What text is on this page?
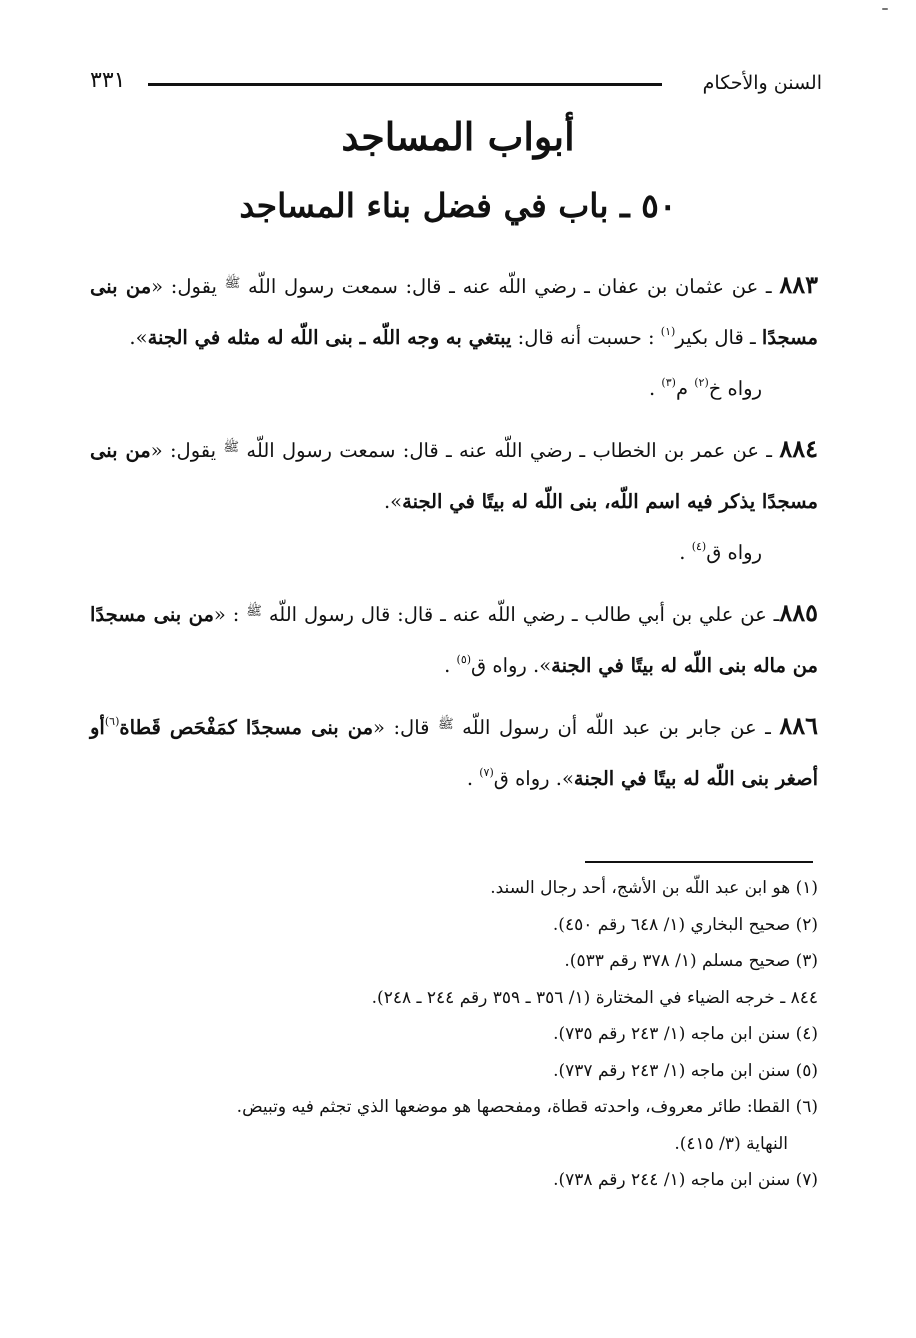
السنن والأحكام
٣٣١
أبواب المساجد
٥٠ ـ باب في فضل بناء المساجد

٨٨٣ ـ عن عثمان بن عفان ـ رضي اللّه عنه ـ قال: سمعت رسول اللّه $^ﷺ$ يقول: «من بنى مسجدًا ـ قال بكير$^{(١)}$ : حسبت أنه قال: يبتغي به وجه اللّه ـ بنى اللّه له مثله في الجنة».
رواه خ$^{(٢)}$ م$^{(٣)}$ .

٨٨٤ ـ عن عمر بن الخطاب ـ رضي اللّه عنه ـ قال: سمعت رسول اللّه $^ﷺ$ يقول: «من بنى مسجدًا يذكر فيه اسم اللّه، بنى اللّه له بيتًا في الجنة».
رواه ق$^{(٤)}$ .

٨٨٥ـ عن علي بن أبي طالب ـ رضي اللّه عنه ـ قال: قال رسول اللّه $^ﷺ$ : «من بنى مسجدًا من ماله بنى اللّه له بيتًا في الجنة». رواه ق$^{(٥)}$ .

٨٨٦ ـ عن جابر بن عبد اللّه أن رسول اللّه $^ﷺ$ قال: «من بنى مسجدًا كمَفْحَص قَطاة$^{(٦)}$أو أصغر بنى اللّه له بيتًا في الجنة». رواه ق$^{(٧)}$ .

(١) هو ابن عبد اللّه بن الأشج، أحد رجال السند.

(٢) صحيح البخاري (١/ ٦٤٨ رقم ٤٥٠).

(٣) صحيح مسلم (١/ ٣٧٨ رقم ٥٣٣).

٨٤٤ ـ خرجه الضياء في المختارة (١/ ٣٥٦ ـ ٣٥٩ رقم ٢٤٤ ـ ٢٤٨).

(٤) سنن ابن ماجه (١/ ٢٤٣ رقم ٧٣٥).

(٥) سنن ابن ماجه (١/ ٢٤٣ رقم ٧٣٧).

(٦) القطا: طائر معروف، واحدته قطاة، ومفحصها هو موضعها الذي تجثم فيه وتبيض.

النهاية (٣/ ٤١٥).

(٧) سنن ابن ماجه (١/ ٢٤٤ رقم ٧٣٨).
